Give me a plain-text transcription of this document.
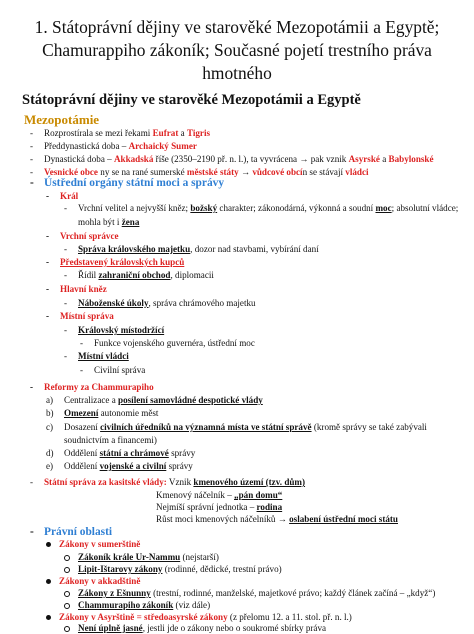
1. Státoprávní dějiny ve starověké Mezopotámii a Egyptě; Chamurappiho zákoník; Současné pojetí trestního práva hmotného
Státoprávní dějiny ve starověké Mezopotámii a Egyptě
Mezopotámie
- Rozprostírala se mezi řekami Eufrat a Tigris
- Předdynastická doba – Archaický Sumer
- Dynastická doba – Akkadská říše (2350–2190 př. n. l.), ta vyvrácena → pak vznik Asyrské a Babylonské
- Vesnické obce ny se na rané sumerské městské státy → vůdcové obcín se stávají vládci
- Ústřední orgány státní moci a správy
- Král
- Vrchní velitel a nejvyšší kněz; božský charakter; zákonodárná, výkonná a soudní moc; absolutní vládce;
mohla být i žena
- Vrchní správce
- Správa královského majetku, dozor nad stavbami, vybírání daní
- Představený královských kupců
- Řídil zahraniční obchod, diplomacii
- Hlavní kněz
- Náboženské úkoly, správa chrámového majetku
- Místní správa
- Královský místodržící
- Funkce vojenského guvernéra, ústřední moc
- Místní vládci
- Civilní správa
- Reformy za Chammurapiho
a) Centralizace a posílení samovládné despotické vlády
b) Omezení autonomie měst
c) Dosazení civilních úředníků na významná místa ve státní správě (kromě správy se také zabývali
soudnictvím a financemi)
d) Oddělení státní a chrámové správy
e) Oddělení vojenské a civilní správy
- Státní správa za kasitské vlády: Vznik kmenového území (tzv. dům)
Kmenový náčelník – „pán domu“
Nejmíší správní jednotka – rodina
Růst moci kmenových náčelníků → oslabení ústřední moci státu
- Právní oblasti
Zákony v sumerštině
Zákoník krále Ur-Nammu (nejstarší)
Lipit-Ištarovy zákony (rodinné, dědické, trestní právo)
Zákony v akkadštině
Zákony z Ešnunny (trestní, rodinné, manželské, majetkové právo; každý článek začíná – „když“)
Chammurapiho zákoník (viz dále)
Zákony v Asyrštině = středoasyrské zákony (z přelomu 12. a 11. stol. př. n. l.)
Není úplně jasné, jestli jde o zákony nebo o soukromé sbírky práva
